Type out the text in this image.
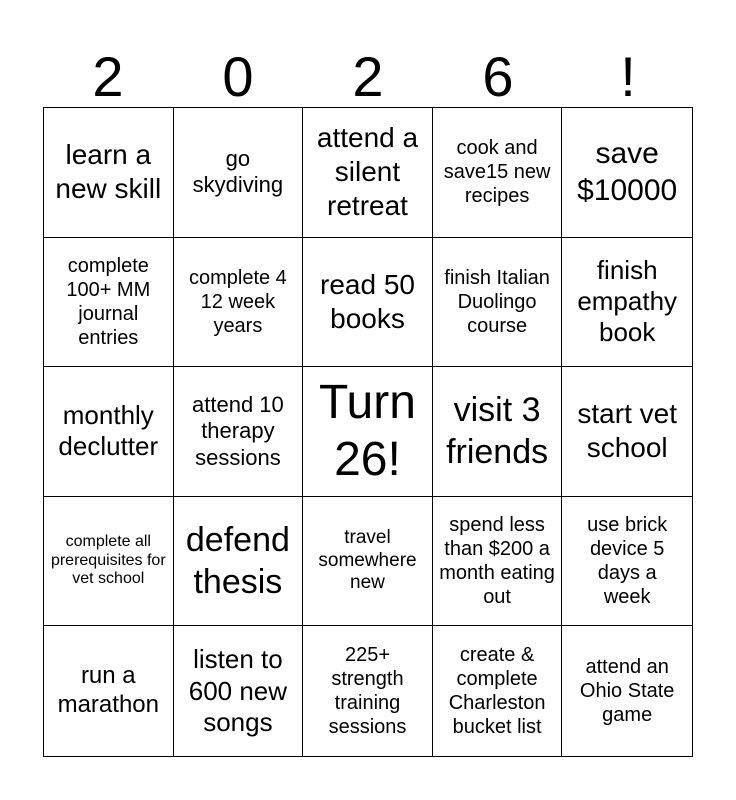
2	0	2	6	!
learn a new skill
go skydiving
attend a silent retreat
cook and save15 new recipes
save $10000
complete 100+ MM journal entries
complete 4 12 week years
read 50 books
finish Italian Duolingo course
finish empathy book
monthly declutter
attend 10 therapy sessions
Turn 26!
visit 3 friends
start vet school
complete all prerequisites for vet school
defend thesis
travel somewhere new
spend less than $200 a month eating out
use brick device 5 days a week
run a marathon
listen to 600 new songs
225+ strength training sessions
create & complete Charleston bucket list
attend an Ohio State game
